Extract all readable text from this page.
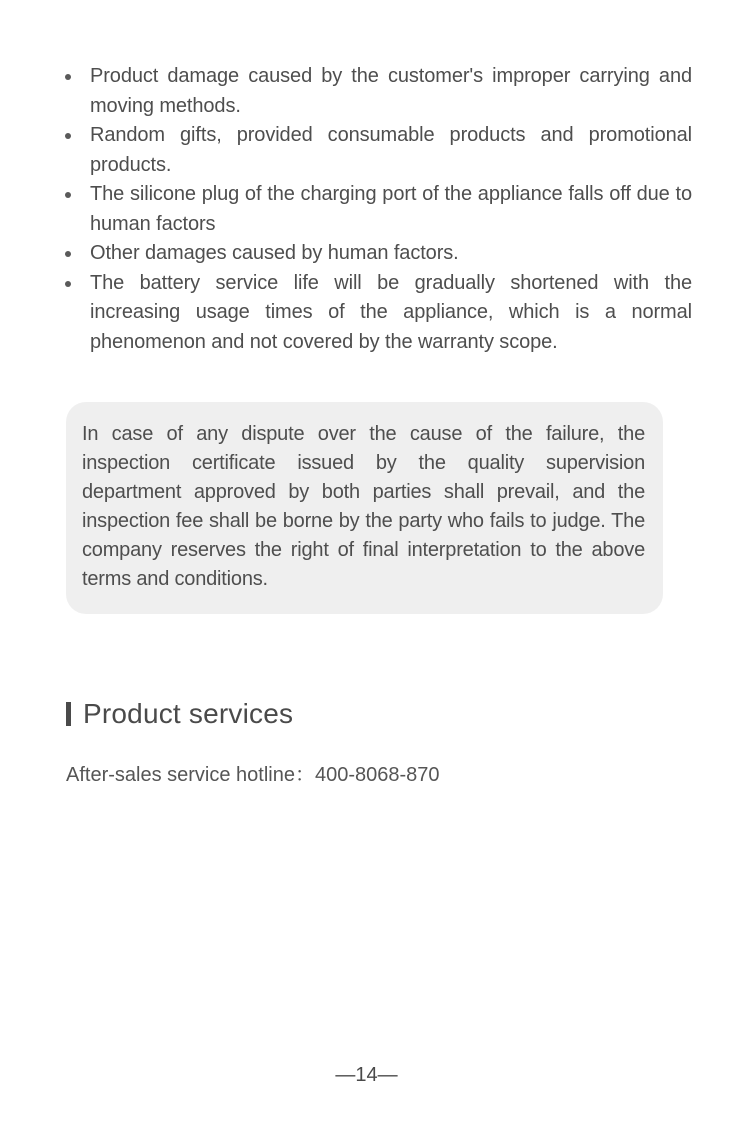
Product damage caused by the customer's improper carrying and moving methods.
Random gifts, provided consumable products and promotional products.
The silicone plug of the charging port of the appliance falls off due to human factors
Other damages caused by human factors.
The battery service life will be gradually shortened with the increasing usage times of the appliance, which is a normal phenomenon and not covered by the warranty scope.

In case of any dispute over the cause of the failure, the inspection certificate issued by the quality supervision department approved by both parties shall prevail, and the inspection fee shall be borne by the party who fails to judge. The company reserves the right of final interpretation to the above terms and conditions.

Product services
After-sales service hotline：400-8068-870
—14—
